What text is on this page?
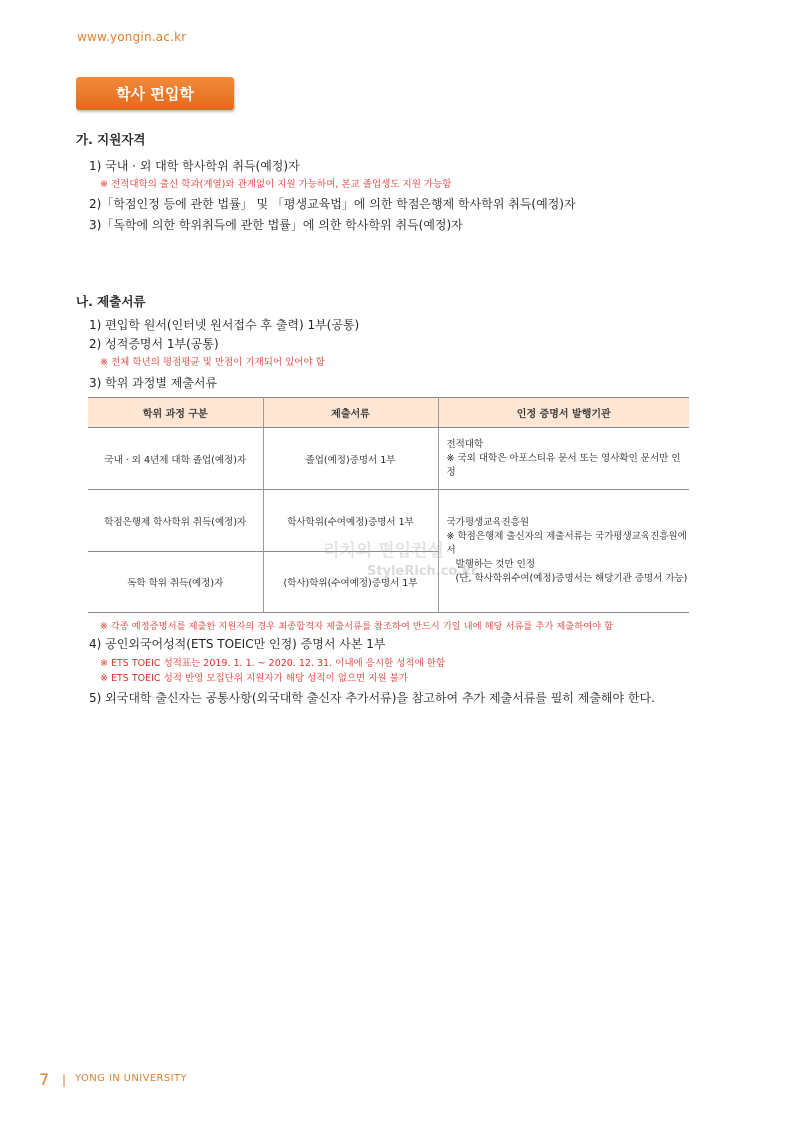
www.yongin.ac.kr
학사 편입학
가. 지원자격
1) 국내 · 외 대학 학사학위 취득(예정)자
※ 전적대학의 출신 학과(계열)와 관계없이 지원 가능하며, 본교 졸업생도 지원 가능함
2)「학점인정 등에 관한 법률」 및 「평생교육법」에 의한 학점은행제 학사학위 취득(예정)자
3)「독학에 의한 학위취득에 관한 법률」에 의한 학사학위 취득(예정)자
나. 제출서류
1) 편입학 원서(인터넷 원서접수 후 출력) 1부(공통)
2) 성적증명서 1부(공통)
※ 전체 학년의 평점평균 및 만점이 기재되어 있어야 함
3) 학위 과정별 제출서류
학위 과정 구분	제출서류	인정 증명서 발행기관
국내 · 외 4년제 대학 졸업(예정)자	졸업(예정)증명서 1부	전적대학
※ 국외 대학은 아포스티유 문서 또는 영사확인 문서만 인정

학점은행제 학사학위 취득(예정)자	학사학위(수여예정)증명서 1부	국가평생교육진흥원
※ 학점은행제 출신자의 제출서류는 국가평생교육진흥원에서
발행하는 것만 인정
(단, 학사학위수여(예정)증명서는 해당기관 증명서 가능)

독학 학위 취득(예정)자	(학사)학위(수여예정)증명서 1부	
리치의 편입컨설
StyleRich.co.kr
※ 각종 예정증명서를 제출한 지원자의 경우 최종합격자 제출서류를 참조하여 반드시 기일 내에 해당 서류를 추가 제출하여야 함
4) 공인외국어성적(ETS TOEIC만 인정) 증명서 사본 1부
※ ETS TOEIC 성적표는 2019. 1. 1. ~ 2020. 12. 31. 이내에 응시한 성적에 한함
※ ETS TOEIC 성적 반영 모집단위 지원자가 해당 성적이 없으면 지원 불가
5) 외국대학 출신자는 공통사항(외국대학 출신자 추가서류)을 참고하여 추가 제출서류를 필히 제출해야 한다.
7 | YONG IN UNIVERSITY
